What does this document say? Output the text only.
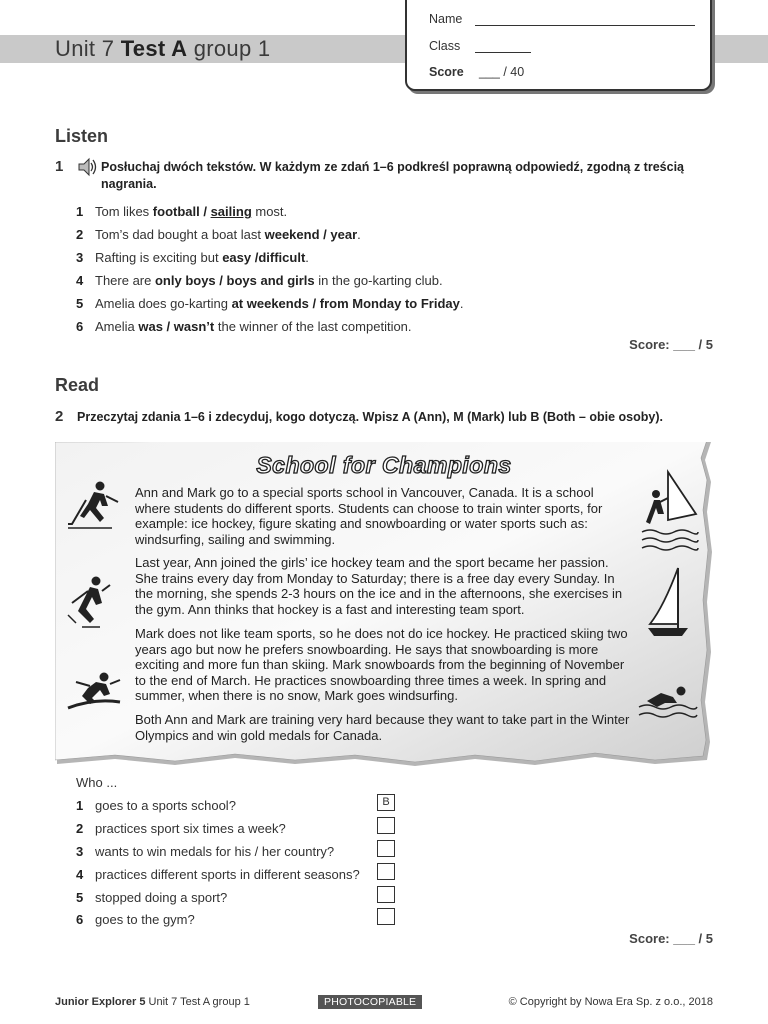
Unit 7 Test A group 1
Name
Class
Score ___ / 40
Listen
1	Posłuchaj dwóch tekstów. W każdym ze zdań 1–6 podkreśl poprawną odpowiedź, zgodną z treścią nagrania.
1 Tom likes football / sailing most.
2 Tom’s dad bought a boat last weekend / year.
3 Rafting is exciting but easy /difficult.
4 There are only boys / boys and girls in the go-karting club.
5 Amelia does go-karting at weekends / from Monday to Friday.
6 Amelia was / wasn’t the winner of the last competition.
Score: ___ / 5
Read
2 Przeczytaj zdania 1–6 i zdecyduj, kogo dotyczą. Wpisz A (Ann), M (Mark) lub B (Both – obie osoby).
School for Champions
Ann and Mark go to a special sports school in Vancouver, Canada. It is a school where students do different sports. Students can choose to train winter sports, for example: ice hockey, figure skating and snowboarding or water sports such as: windsurfing, sailing and swimming.
Last year, Ann joined the girls’ ice hockey team and the sport became her passion. She trains every day from Monday to Saturday; there is a free day every Sunday. In the morning, she spends 2-3 hours on the ice and in the afternoons, she exercises in the gym. Ann thinks that hockey is a fast and interesting team sport.
Mark does not like team sports, so he does not do ice hockey. He practiced skiing two years ago but now he prefers snowboarding. He says that snowboarding is more exciting and more fun than skiing. Mark snowboards from the beginning of November to the end of March. He practices snowboarding three times a week. In spring and summer, when there is no snow, Mark goes windsurfing.
Both Ann and Mark are training very hard because they want to take part in the Winter Olympics and win gold medals for Canada.
Who ...
1 goes to a sports school?	B
2 practices sport six times a week?
3 wants to win medals for his / her country?
4 practices different sports in different seasons?
5 stopped doing a sport?
6 goes to the gym?
Score: ___ / 5
Junior Explorer 5 Unit 7 Test A group 1	PHOTOCOPIABLE	© Copyright by Nowa Era Sp. z o.o., 2018
